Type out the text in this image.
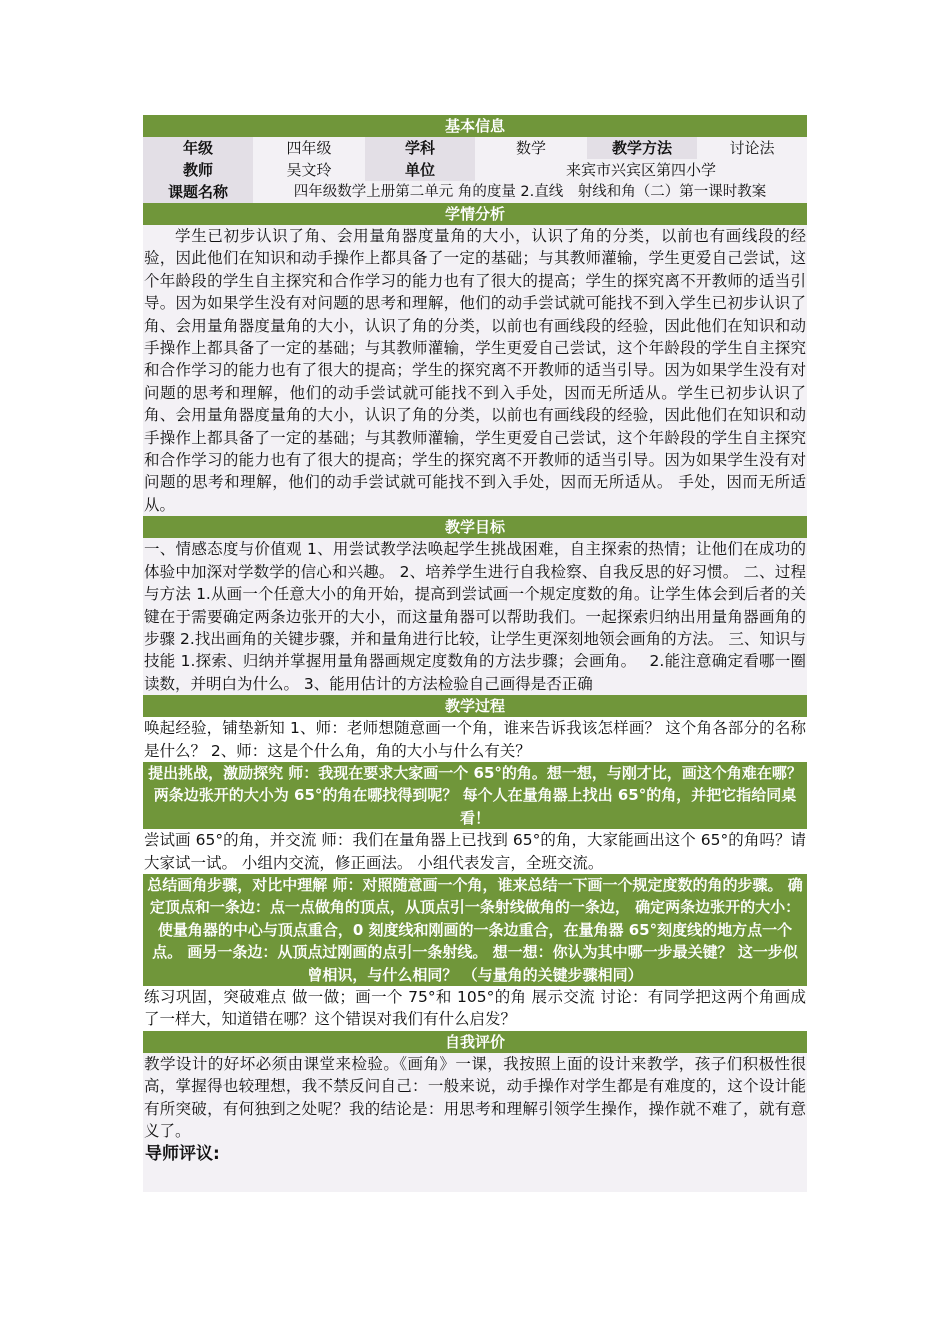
基本信息
年级	四年级	学科	数学	教学方法	讨论法
教师	吴文玲	单位	来宾市兴宾区第四小学
课题名称	四年级数学上册第二单元 角的度量 2.直线　射线和角（二）第一课时教案
学情分析
学生已初步认识了角、会用量角器度量角的大小，认识了角的分类，以前也有画线段的经验，因此他们在知识和动手操作上都具备了一定的基础；与其教师灌输，学生更爱自己尝试，这个年龄段的学生自主探究和合作学习的能力也有了很大的提高；学生的探究离不开教师的适当引导。因为如果学生没有对问题的思考和理解，他们的动手尝试就可能找不到入学生已初步认识了角、会用量角器度量角的大小，认识了角的分类，以前也有画线段的经验，因此他们在知识和动手操作上都具备了一定的基础；与其教师灌输，学生更爱自己尝试，这个年龄段的学生自主探究和合作学习的能力也有了很大的提高；学生的探究离不开教师的适当引导。因为如果学生没有对问题的思考和理解，他们的动手尝试就可能找不到入手处，因而无所适从。学生已初步认识了角、会用量角器度量角的大小，认识了角的分类，以前也有画线段的经验，因此他们在知识和动手操作上都具备了一定的基础；与其教师灌输，学生更爱自己尝试，这个年龄段的学生自主探究和合作学习的能力也有了很大的提高；学生的探究离不开教师的适当引导。因为如果学生没有对问题的思考和理解，他们的动手尝试就可能找不到入手处，因而无所适从。 手处，因而无所适从。
教学目标
一、情感态度与价值观 1、用尝试教学法唤起学生挑战困难，自主探索的热情；让他们在成功的体验中加深对学数学的信心和兴趣。 2、培养学生进行自我检察、自我反思的好习惯。 二、过程与方法 1.从画一个任意大小的角开始，提高到尝试画一个规定度数的角。让学生体会到后者的关键在于需要确定两条边张开的大小，而这量角器可以帮助我们。一起探索归纳出用量角器画角的步骤 2.找出画角的关键步骤，并和量角进行比较，让学生更深刻地领会画角的方法。 三、知识与技能 1.探索、归纳并掌握用量角器画规定度数角的方法步骤；会画角。　 2.能注意确定看哪一圈读数，并明白为什么。 3、能用估计的方法检验自己画得是否正确
教学过程
唤起经验，铺垫新知 1、师：老师想随意画一个角，谁来告诉我该怎样画？ 这个角各部分的名称是什么？ 2、师：这是个什么角，角的大小与什么有关？
提出挑战，激励探究 师：我现在要求大家画一个 65°的角。想一想，与刚才比，画这个角难在哪？ 两条边张开的大小为 65°的角在哪找得到呢？ 每个人在量角器上找出 65°的角，并把它指给同桌看！
尝试画 65°的角，并交流 师：我们在量角器上已找到 65°的角，大家能画出这个 65°的角吗？请大家试一试。 小组内交流，修正画法。 小组代表发言，全班交流。
总结画角步骤，对比中理解 师：对照随意画一个角，谁来总结一下画一个规定度数的角的步骤。 确定顶点和一条边：点一点做角的顶点，从顶点引一条射线做角的一条边， 确定两条边张开的大小：使量角器的中心与顶点重合，0 刻度线和刚画的一条边重合，在量角器 65°刻度线的地方点一个点。 画另一条边：从顶点过刚画的点引一条射线。 想一想：你认为其中哪一步最关键？ 这一步似曾相识，与什么相同？ （与量角的关键步骤相同）
练习巩固，突破难点 做一做；画一个 75°和 105°的角 展示交流 讨论：有同学把这两个角画成了一样大，知道错在哪？这个错误对我们有什么启发？
自我评价
教学设计的好坏必须由课堂来检验。《画角》一课，我按照上面的设计来教学，孩子们积极性很高，掌握得也较理想，我不禁反问自己：一般来说，动手操作对学生都是有难度的，这个设计能有所突破，有何独到之处呢？我的结论是：用思考和理解引领学生操作，操作就不难了，就有意义了。
导师评议:
